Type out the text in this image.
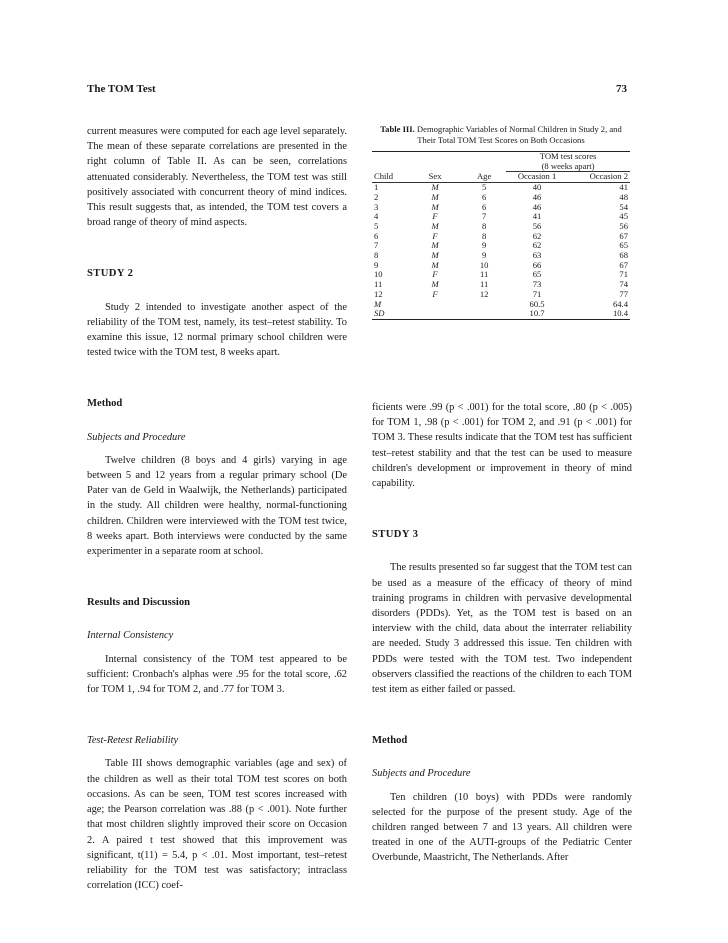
The TOM Test	73

current measures were computed for each age level separately. The mean of these separate correlations are presented in the right column of Table II. As can be seen, correlations attenuated considerably. Nevertheless, the TOM test was still positively associated with concurrent theory of mind indices. This result suggests that, as intended, the TOM test covers a broad range of theory of mind aspects.

STUDY 2

Study 2 intended to investigate another aspect of the reliability of the TOM test, namely, its test–retest stability. To examine this issue, 12 normal primary school children were tested twice with the TOM test, 8 weeks apart.

Method

Subjects and Procedure

Twelve children (8 boys and 4 girls) varying in age between 5 and 12 years from a regular primary school (De Pater van de Geld in Waalwijk, the Netherlands) participated in the study. All children were healthy, normal-functioning children. Children were interviewed with the TOM test twice, 8 weeks apart. Both interviews were conducted by the same experimenter in a separate room at school.

Results and Discussion

Internal Consistency

Internal consistency of the TOM test appeared to be sufficient: Cronbach's alphas were .95 for the total score, .62 for TOM 1, .94 for TOM 2, and .77 for TOM 3.

Test-Retest Reliability

Table III shows demographic variables (age and sex) of the children as well as their total TOM test scores on both occasions. As can be seen, TOM test scores increased with age; the Pearson correlation was .88 (p < .001). Note further that most children slightly improved their score on Occasion 2. A paired t test showed that this improvement was significant, t(11) = 5.4, p < .01. Most important, test–retest reliability for the TOM test was satisfactory; intraclass correlation (ICC) coef-

Table III. Demographic Variables of Normal Children in Study 2, and Their Total TOM Test Scores on Both Occasions

			TOM test scores
(8 weeks apart)	

Child	Sex	Age	Occasion 1	Occasion 2

1	M	5	40	41
2	M	6	46	48
3	M	6	46	54
4	F	7	41	45
5	M	8	56	56
6	F	8	62	67
7	M	9	62	65
8	M	9	63	68
9	M	10	66	67
10	F	11	65	71
11	M	11	73	74
12	F	12	71	77
M			60.5	64.4
SD			10.7	10.4

ficients were .99 (p < .001) for the total score, .80 (p < .005) for TOM 1, .98 (p < .001) for TOM 2, and .91 (p < .001) for TOM 3. These results indicate that the TOM test has sufficient test–retest stability and that the test can be used to measure children's development or improvement in theory of mind capability.

STUDY 3

The results presented so far suggest that the TOM test can be used as a measure of the efficacy of theory of mind training programs in children with pervasive developmental disorders (PDDs). Yet, as the TOM test is based on an interview with the child, data about the interrater reliability are needed. Study 3 addressed this issue. Ten children with PDDs were tested with the TOM test. Two independent observers classified the reactions of the children to each TOM test item as either failed or passed.

Method

Subjects and Procedure

Ten children (10 boys) with PDDs were randomly selected for the purpose of the present study. Age of the children ranged between 7 and 13 years. All children were treated in one of the AUTI-groups of the Pediatric Center Overbunde, Maastricht, The Netherlands. After
